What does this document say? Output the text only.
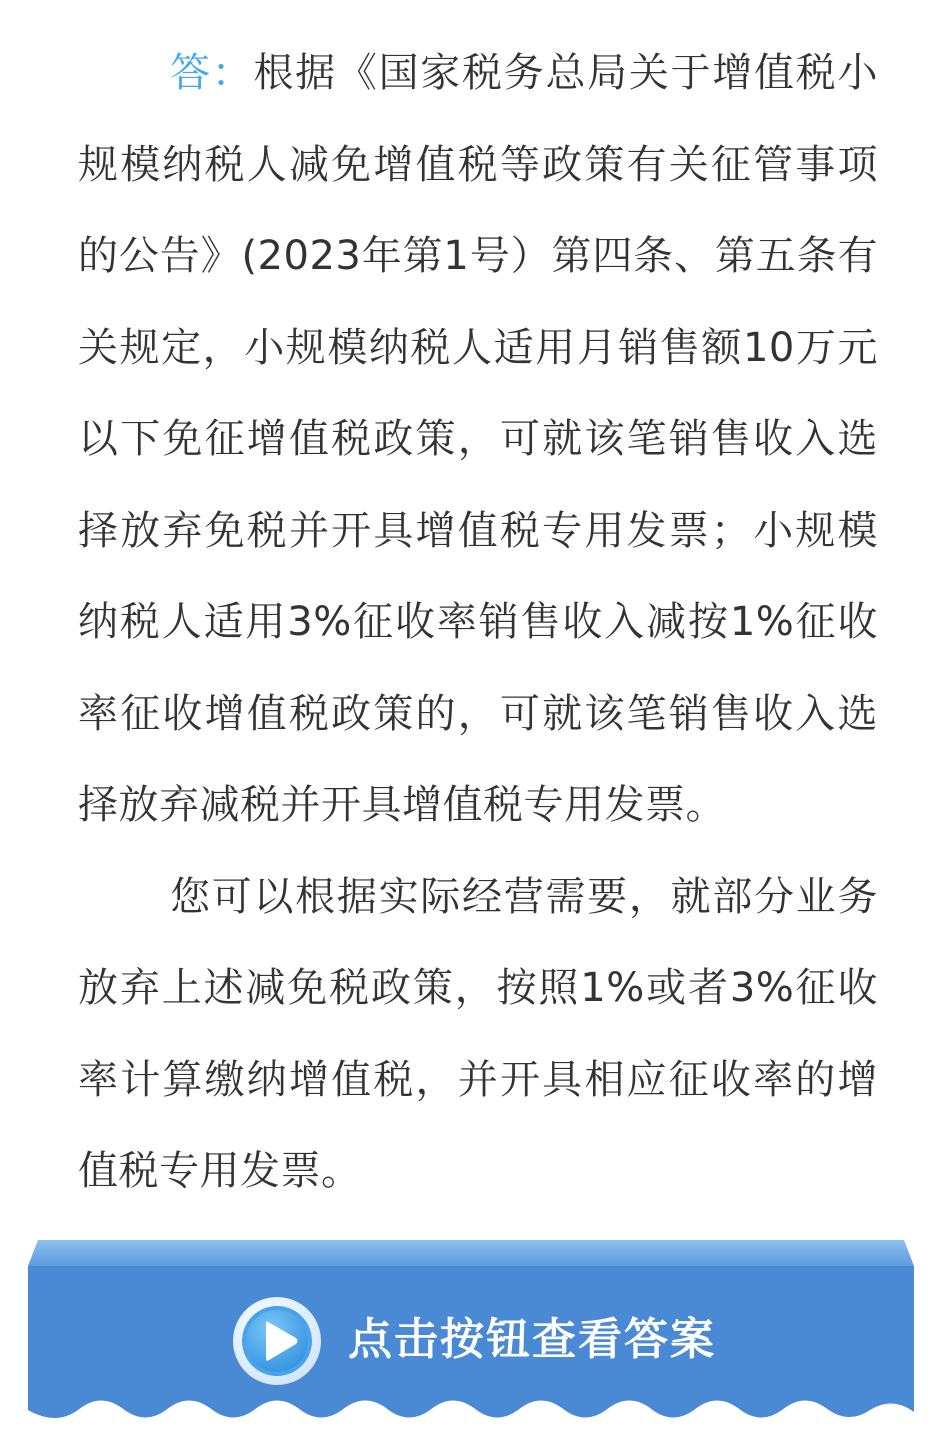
答：根据《国家税务总局关于增值税小规模纳税人减免增值税等政策有关征管事项的公告》(2023年第1号）第四条、第五条有关规定，小规模纳税人适用月销售额10万元以下免征增值税政策，可就该笔销售收入选择放弃免税并开具增值税专用发票；小规模纳税人适用3%征收率销售收入减按1%征收率征收增值税政策的，可就该笔销售收入选择放弃减税并开具增值税专用发票。

您可以根据实际经营需要，就部分业务放弃上述减免税政策，按照1%或者3%征收率计算缴纳增值税，并开具相应征收率的增值税专用发票。

点击按钮查看答案
